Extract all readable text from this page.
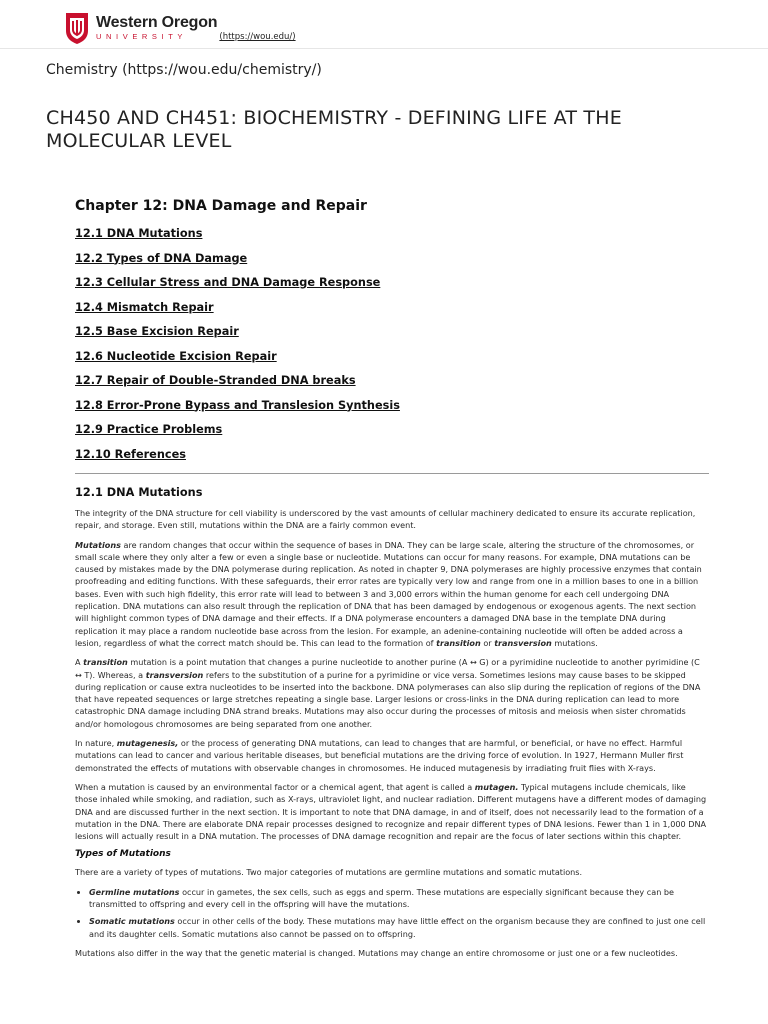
Western Oregon
UNIVERSITY	(https://wou.edu/)
Chemistry (https://wou.edu/chemistry/)
CH450 AND CH451: BIOCHEMISTRY - DEFINING LIFE AT THE MOLECULAR LEVEL
Chapter 12: DNA Damage and Repair
12.1 DNA Mutations
12.2 Types of DNA Damage
12.3 Cellular Stress and DNA Damage Response
12.4 Mismatch Repair
12.5 Base Excision Repair
12.6 Nucleotide Excision Repair
12.7 Repair of Double-Stranded DNA breaks
12.8 Error-Prone Bypass and Translesion Synthesis
12.9 Practice Problems
12.10 References
12.1 DNA Mutations

The integrity of the DNA structure for cell viability is underscored by the vast amounts of cellular machinery dedicated to ensure its accurate replication, repair, and storage. Even still, mutations within the DNA are a fairly common event.

Mutations are random changes that occur within the sequence of bases in DNA. They can be large scale, altering the structure of the chromosomes, or small scale where they only alter a few or even a single base or nucleotide. Mutations can occur for many reasons. For example, DNA mutations can be caused by mistakes made by the DNA polymerase during replication. As noted in chapter 9, DNA polymerases are highly processive enzymes that contain proofreading and editing functions. With these safeguards, their error rates are typically very low and range from one in a million bases to one in a billion bases. Even with such high fidelity, this error rate will lead to between 3 and 3,000 errors within the human genome for each cell undergoing DNA replication. DNA mutations can also result through the replication of DNA that has been damaged by endogenous or exogenous agents. The next section will highlight common types of DNA damage and their effects. If a DNA polymerase encounters a damaged DNA base in the template DNA during replication it may place a random nucleotide base across from the lesion. For example, an adenine-containing nucleotide will often be added across a lesion, regardless of what the correct match should be. This can lead to the formation of transition or transversion mutations.

A transition mutation is a point mutation that changes a purine nucleotide to another purine (A ↔ G) or a pyrimidine nucleotide to another pyrimidine (C ↔ T). Whereas, a transversion refers to the substitution of a purine for a pyrimidine or vice versa. Sometimes lesions may cause bases to be skipped during replication or cause extra nucleotides to be inserted into the backbone. DNA polymerases can also slip during the replication of regions of the DNA that have repeated sequences or large stretches repeating a single base. Larger lesions or cross-links in the DNA during replication can lead to more catastrophic DNA damage including DNA strand breaks. Mutations may also occur during the processes of mitosis and meiosis when sister chromatids and/or homologous chromosomes are being separated from one another.

In nature, mutagenesis, or the process of generating DNA mutations, can lead to changes that are harmful, or beneficial, or have no effect. Harmful mutations can lead to cancer and various heritable diseases, but beneficial mutations are the driving force of evolution. In 1927, Hermann Muller first demonstrated the effects of mutations with observable changes in chromosomes. He induced mutagenesis by irradiating fruit flies with X-rays.

When a mutation is caused by an environmental factor or a chemical agent, that agent is called a mutagen. Typical mutagens include chemicals, like those inhaled while smoking, and radiation, such as X-rays, ultraviolet light, and nuclear radiation. Different mutagens have a different modes of damaging DNA and are discussed further in the next section. It is important to note that DNA damage, in and of itself, does not necessarily lead to the formation of a mutation in the DNA. There are elaborate DNA repair processes designed to recognize and repair different types of DNA lesions. Fewer than 1 in 1,000 DNA lesions will actually result in a DNA mutation. The processes of DNA damage recognition and repair are the focus of later sections within this chapter.

Types of Mutations

There are a variety of types of mutations. Two major categories of mutations are germline mutations and somatic mutations.

• Germline mutations occur in gametes, the sex cells, such as eggs and sperm. These mutations are especially significant because they can be transmitted to offspring and every cell in the offspring will have the mutations.
• Somatic mutations occur in other cells of the body. These mutations may have little effect on the organism because they are confined to just one cell and its daughter cells. Somatic mutations also cannot be passed on to offspring.

Mutations also differ in the way that the genetic material is changed. Mutations may change an entire chromosome or just one or a few nucleotides.
